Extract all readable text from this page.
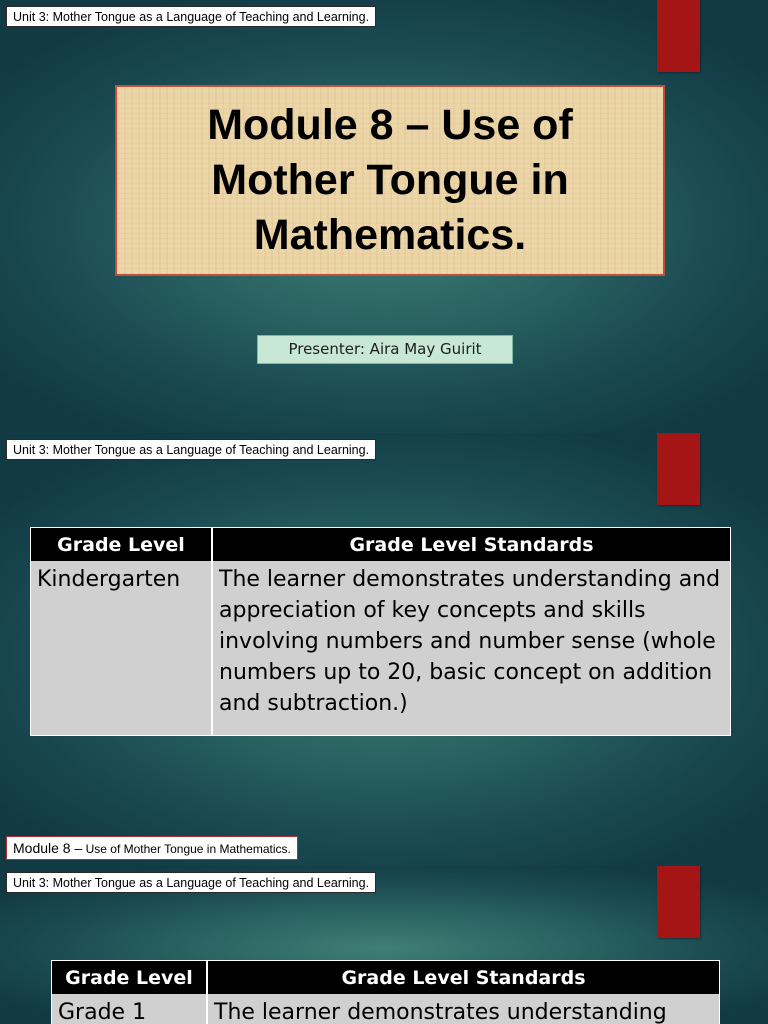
Unit 3: Mother Tongue as a Language of Teaching and Learning.
Module 8 – Use of
Mother Tongue in
Mathematics.
Presenter: Aira May Guirit
Unit 3: Mother Tongue as a Language of Teaching and Learning.
Grade Level	Grade Level Standards
Kindergarten	The learner demonstrates understanding and appreciation of key concepts and skills involving numbers and number sense (whole numbers up to 20, basic concept on addition and subtraction.)
Module 8 – Use of Mother Tongue in Mathematics.
Unit 3: Mother Tongue as a Language of Teaching and Learning.
Grade Level	Grade Level Standards
Grade 1	The learner demonstrates understanding
